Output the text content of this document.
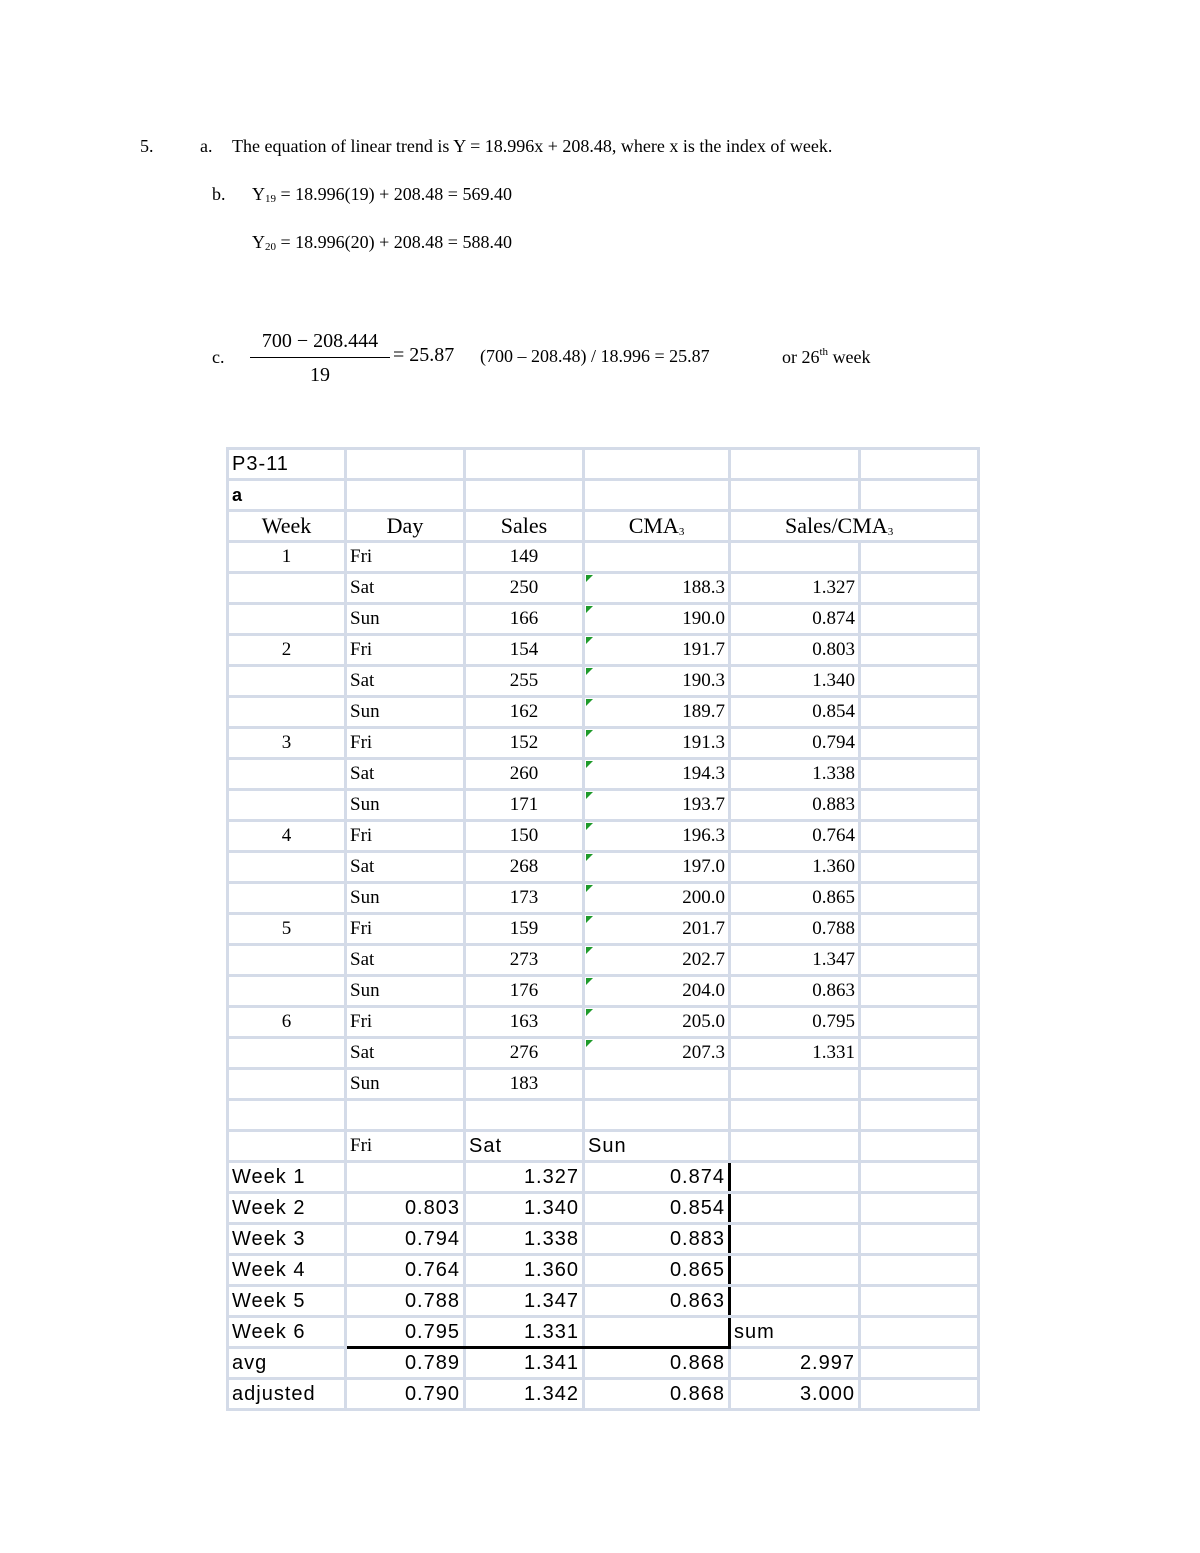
5.	a. The equation of linear trend is Y = 18.996x + 208.48, where x is the index of week.
b. $Y_{19} = 18.996(19) + 208.48 = 569.40$
$Y_{20} = 18.996(20) + 208.48 = 588.40$
c. $\frac{700 - 208.444}{19} = 25.87$ (700 – 208.48) / 18.996 = 25.87	or 26th week
P3-11					
a					
Week	Day	Sales	$CMA_3$	Sales/$CMA_3$
1	Fri	149			
	Sat	250	188.3	1.327	
	Sun	166	190.0	0.874	
2	Fri	154	191.7	0.803	
	Sat	255	190.3	1.340	
	Sun	162	189.7	0.854	
3	Fri	152	191.3	0.794	
	Sat	260	194.3	1.338	
	Sun	171	193.7	0.883	
4	Fri	150	196.3	0.764	
	Sat	268	197.0	1.360	
	Sun	173	200.0	0.865	
5	Fri	159	201.7	0.788	
	Sat	273	202.7	1.347	
	Sun	176	204.0	0.863	
6	Fri	163	205.0	0.795	
	Sat	276	207.3	1.331	
	Sun	183			

	Fri	Sat	Sun		
Week 1		1.327	0.874		
Week 2	0.803	1.340	0.854		
Week 3	0.794	1.338	0.883		
Week 4	0.764	1.360	0.865		
Week 5	0.788	1.347	0.863		
Week 6	0.795	1.331		sum	
avg	0.789	1.341	0.868	2.997	
adjusted	0.790	1.342	0.868	3.000	
